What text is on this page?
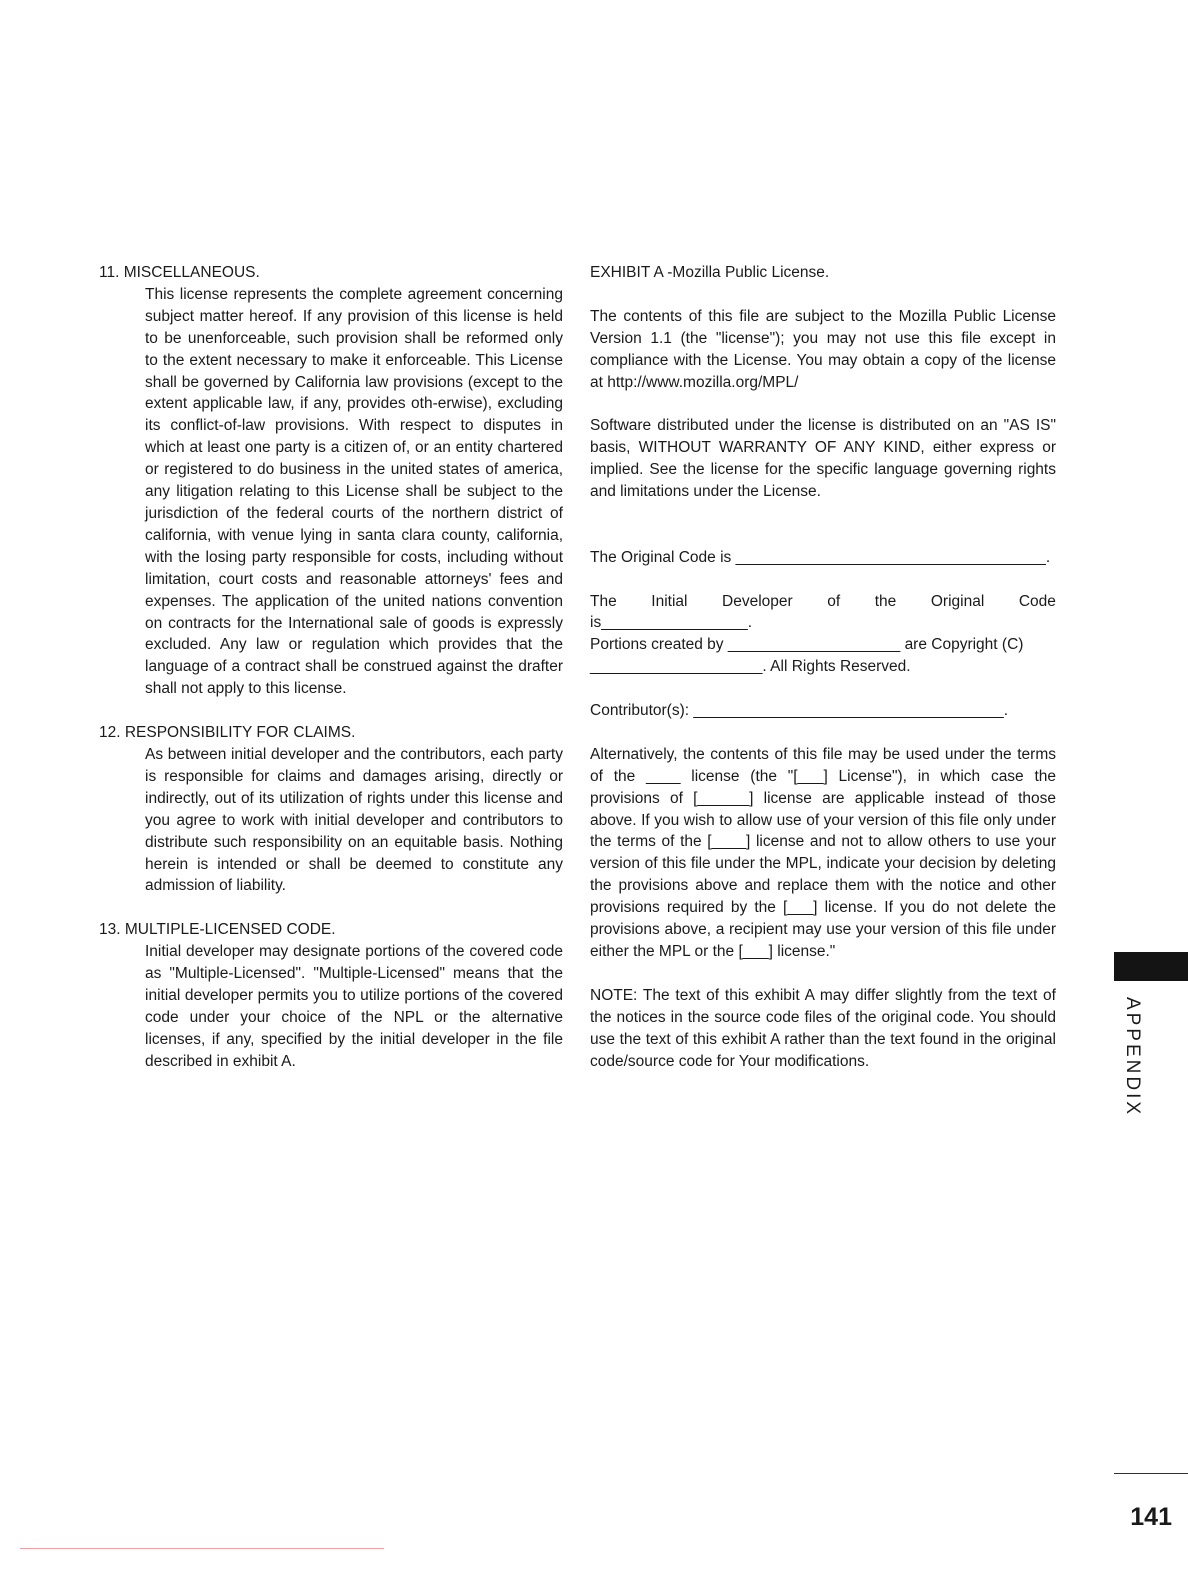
11. MISCELLANEOUS.

This license represents the complete agreement concerning subject matter hereof. If any provision of this license is held to be unenforceable, such provision shall be reformed only to the extent necessary to make it enforceable. This License shall be governed by California law provisions (except to the extent applicable law, if any, provides oth-erwise), excluding its conflict-of-law provisions. With respect to disputes in which at least one party is a citizen of, or an entity chartered or registered to do business in the united states of america, any litigation relating to this License shall be subject to the jurisdiction of the federal courts of the northern district of california, with venue lying in santa clara county, california, with the losing party responsible for costs, including without limitation, court costs and reasonable attorneys' fees and expenses. The application of the united nations convention on contracts for the International sale of goods is expressly excluded. Any law or regulation which provides that the language of a contract shall be construed against the drafter shall not apply to this license.

12. RESPONSIBILITY FOR CLAIMS.

As between initial developer and the contributors, each party is responsible for claims and damages arising, directly or indirectly, out of its utilization of rights under this license and you agree to work with initial developer and contributors to distribute such responsibility on an equitable basis. Nothing herein is intended or shall be deemed to constitute any admission of liability.

13. MULTIPLE-LICENSED CODE.

Initial developer may designate portions of the covered code as "Multiple-Licensed". "Multiple-Licensed" means that the initial developer permits you to utilize portions of the covered code under your choice of the NPL or the alternative licenses, if any, specified by the initial developer in the file described in exhibit A.

EXHIBIT A -Mozilla Public License.

The contents of this file are subject to the Mozilla Public License Version 1.1 (the "license"); you may not use this file except in compliance with the License. You may obtain a copy of the license at http://www.mozilla.org/MPL/

Software distributed under the license is distributed on an "AS IS" basis, WITHOUT WARRANTY OF ANY KIND, either express or implied. See the license for the specific language governing rights and limitations under the License.

The Original Code is ____________________________________.

The Initial Developer of the Original Code
is_________________.
Portions created by ____________________ are Copyright (C)
____________________. All Rights Reserved.

Contributor(s): ____________________________________.

Alternatively, the contents of this file may be used under the terms of the ____ license (the "[___] License"), in which case the provisions of [______] license are applicable instead of those above. If you wish to allow use of your version of this file only under the terms of the [____] license and not to allow others to use your version of this file under the MPL, indicate your decision by deleting the provisions above and replace them with the notice and other provisions required by the [___] license. If you do not delete the provisions above, a recipient may use your version of this file under either the MPL or the [___] license."

NOTE: The text of this exhibit A may differ slightly from the text of the notices in the source code files of the original code. You should use the text of this exhibit A rather than the text found in the original code/source code for Your modifications.	APPENDIX
141
